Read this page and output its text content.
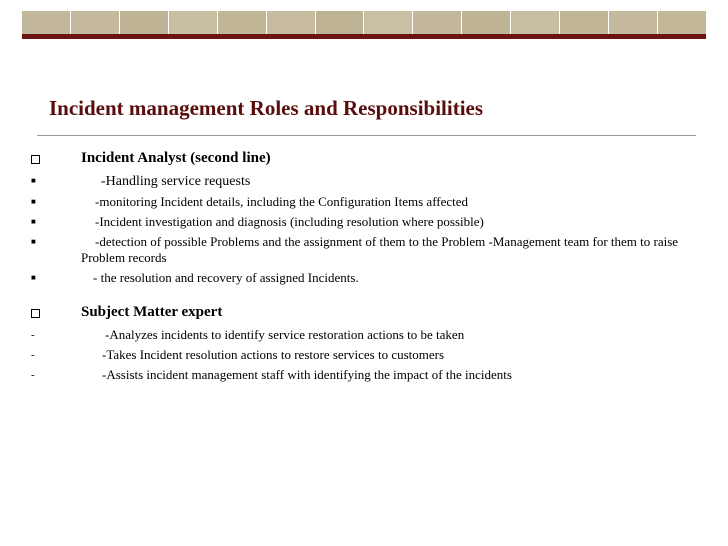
Incident management Roles and Responsibilities
Incident Analyst (second line)
■	-Handling service requests
■	-monitoring Incident details, including the Configuration Items affected
■	-Incident investigation and diagnosis (including resolution where possible)
■	-detection of possible Problems and the assignment of them to the Problem -Management team for them to raise Problem records
■	- the resolution and recovery of assigned Incidents.
Subject Matter expert
-	-Analyzes incidents to identify service restoration actions to be taken
-	-Takes Incident resolution actions to restore services to customers
-	-Assists incident management staff with identifying the impact of the incidents
